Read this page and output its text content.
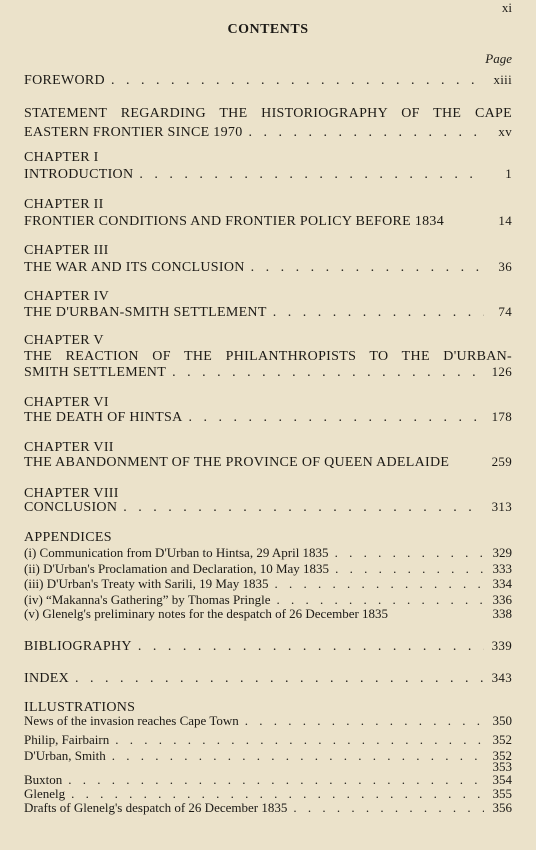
xi
CONTENTS
Page
FOREWORD . . .	xiii
STATEMENT REGARDING THE HISTORIOGRAPHY OF THE CAPE
EASTERN FRONTIER SINCE 1970 . . .	xv
CHAPTER I
INTRODUCTION . . .	1
CHAPTER II
FRONTIER CONDITIONS AND FRONTIER POLICY BEFORE 1834	14
CHAPTER III
THE WAR AND ITS CONCLUSION . . .	36
CHAPTER IV
THE D'URBAN-SMITH SETTLEMENT . . .	74
CHAPTER V
THE REACTION OF THE PHILANTHROPISTS TO THE D'URBAN-
SMITH SETTLEMENT . . .	126
CHAPTER VI
THE DEATH OF HINTSA . . .	178
CHAPTER VII
THE ABANDONMENT OF THE PROVINCE OF QUEEN ADELAIDE	259
CHAPTER VIII
CONCLUSION . . .	313
APPENDICES
(i) Communication from D'Urban to Hintsa, 29 April 1835 . . .	329
(ii) D'Urban's Proclamation and Declaration, 10 May 1835 . . .	333
(iii) D'Urban's Treaty with Sarili, 19 May 1835 . . .	334
(iv) “Makanna's Gathering” by Thomas Pringle . . .	336
(v) Glenelg's preliminary notes for the despatch of 26 December 1835	338
BIBLIOGRAPHY . . .	339
INDEX . . .	343
ILLUSTRATIONS
News of the invasion reaches Cape Town . . .	350
Philip, Fairbairn . . .	352
D'Urban, Smith . . .	352
353
Buxton . . .	354
Glenelg . . .	355
Drafts of Glenelg's despatch of 26 December 1835 . . .	356
